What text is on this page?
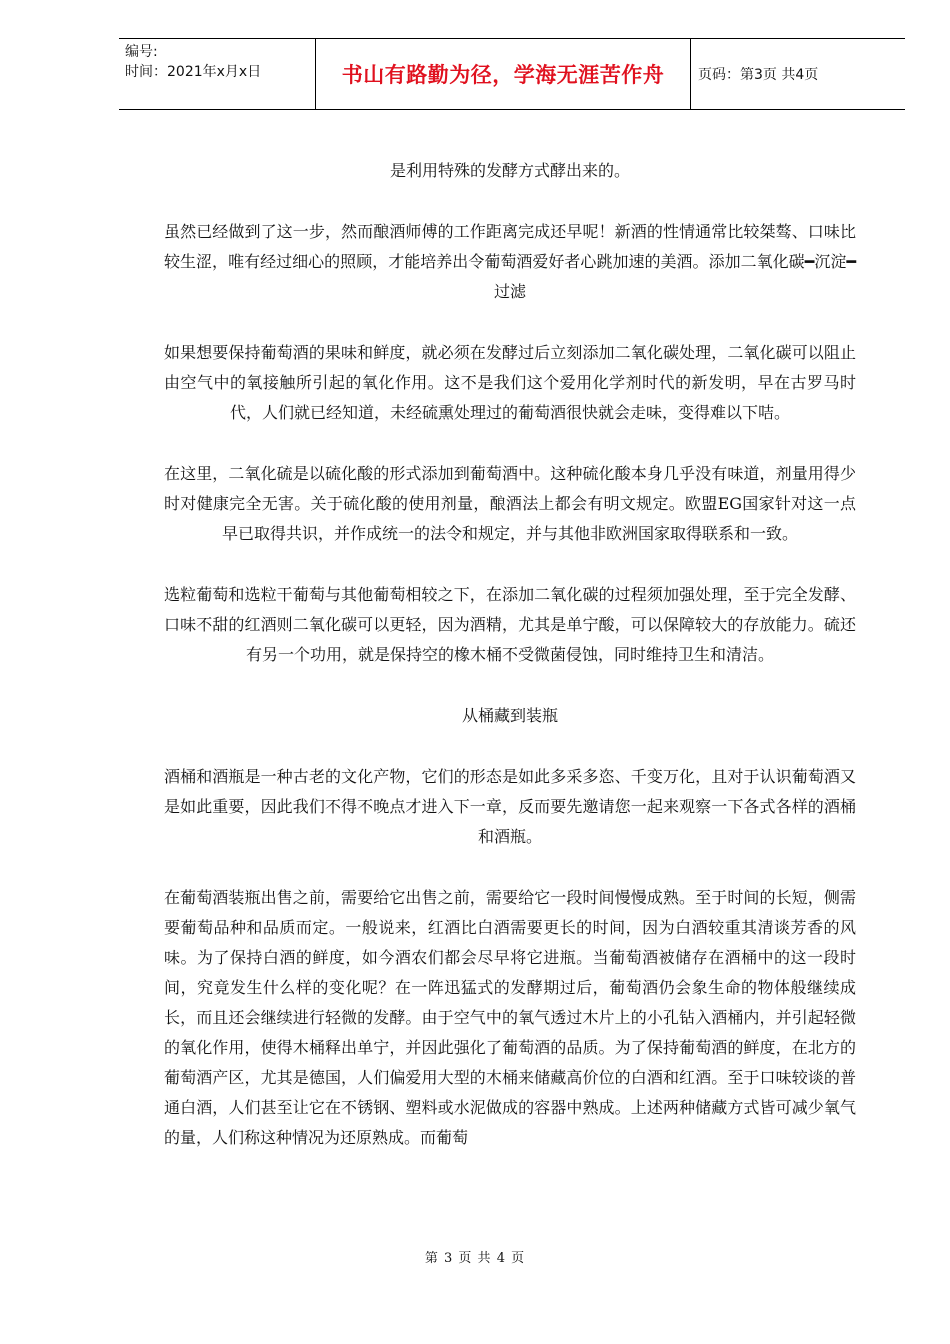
编号:
时间：2021年x月x日	书山有路勤为径，学海无涯苦作舟 页码：第3页 共4页

是利用特殊的发酵方式酵出来的。

虽然已经做到了这一步，然而酿酒师傅的工作距离完成还早呢！新酒的性情通常比较桀骜、口味比较生涩，唯有经过细心的照顾，才能培养出令葡萄酒爱好者心跳加速的美酒。添加二氧化碳━沉淀━过滤

如果想要保持葡萄酒的果味和鲜度，就必须在发酵过后立刻添加二氧化碳处理，二氧化碳可以阻止由空气中的氧接触所引起的氧化作用。这不是我们这个爱用化学剂时代的新发明，早在古罗马时代，人们就已经知道，未经硫熏处理过的葡萄酒很快就会走味，变得难以下咭。

在这里，二氧化硫是以硫化酸的形式添加到葡萄酒中。这种硫化酸本身几乎没有味道，剂量用得少时对健康完全无害。关于硫化酸的使用剂量，酿酒法上都会有明文规定。欧盟EG国家针对这一点早已取得共识，并作成统一的法令和规定，并与其他非欧洲国家取得联系和一致。

选粒葡萄和选粒干葡萄与其他葡萄相较之下，在添加二氧化碳的过程须加强处理，至于完全发酵、口味不甜的红酒则二氧化碳可以更轻，因为酒精，尤其是单宁酸，可以保障较大的存放能力。硫还有另一个功用，就是保持空的橡木桶不受微菌侵蚀，同时维持卫生和清洁。

从桶藏到装瓶

酒桶和酒瓶是一种古老的文化产物，它们的形态是如此多采多恣、千变万化，且对于认识葡萄酒又是如此重要，因此我们不得不晚点才进入下一章，反而要先邀请您一起来观察一下各式各样的酒桶和酒瓶。

在葡萄酒装瓶出售之前，需要给它出售之前，需要给它一段时间慢慢成熟。至于时间的长短，侧需要葡萄品种和品质而定。一般说来，红酒比白酒需要更长的时间，因为白酒较重其清谈芳香的风味。为了保持白酒的鲜度，如今酒农们都会尽早将它进瓶。当葡萄酒被储存在酒桶中的这一段时间，究竟发生什么样的变化呢？在一阵迅猛式的发酵期过后，葡萄酒仍会象生命的物体般继续成长，而且还会继续进行轻微的发酵。由于空气中的氧气透过木片上的小孔钻入酒桶内，并引起轻微的氧化作用，使得木桶释出单宁，并因此强化了葡萄酒的品质。为了保持葡萄酒的鲜度，在北方的葡萄酒产区，尤其是德国，人们偏爱用大型的木桶来储藏高价位的白酒和红酒。至于口味较谈的普通白酒，人们甚至让它在不锈钢、塑料或水泥做成的容器中熟成。上述两种储藏方式皆可减少氧气的量，人们称这种情况为还原熟成。而葡萄

第 3 页 共 4 页
